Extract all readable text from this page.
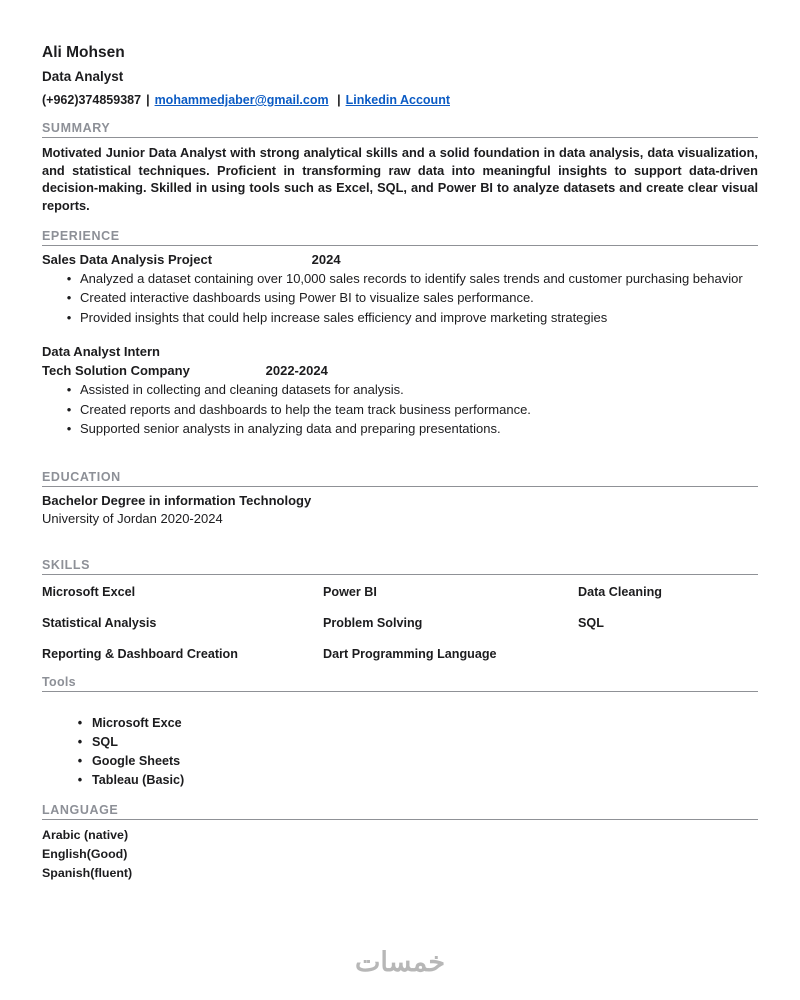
Ali Mohsen
Data Analyst
(+962)374859387 | mohammedjaber@gmail.com | Linkedin Account
SUMMARY
Motivated Junior Data Analyst with strong analytical skills and a solid foundation in data analysis, data visualization, and statistical techniques. Proficient in transforming raw data into meaningful insights to support data-driven decision-making. Skilled in using tools such as Excel, SQL, and Power BI to analyze datasets and create clear visual reports.
EPERIENCE
Sales Data Analysis Project	2024
• Analyzed a dataset containing over 10,000 sales records to identify sales trends and customer purchasing behavior
• Created interactive dashboards using Power BI to visualize sales performance.
• Provided insights that could help increase sales efficiency and improve marketing strategies
Data Analyst Intern
Tech Solution Company	2022-2024
• Assisted in collecting and cleaning datasets for analysis.
• Created reports and dashboards to help the team track business performance.
• Supported senior analysts in analyzing data and preparing presentations.
EDUCATION
Bachelor Degree in information Technology
University of Jordan 2020-2024
SKILLS
Microsoft Excel	Power BI	Data Cleaning
Statistical Analysis	Problem Solving	SQL
Reporting & Dashboard Creation	Dart Programming Language
Tools
• Microsoft Exce
• SQL
• Google Sheets
• Tableau (Basic)
LANGUAGE
Arabic (native)
English(Good)
Spanish(fluent)
خمسات
